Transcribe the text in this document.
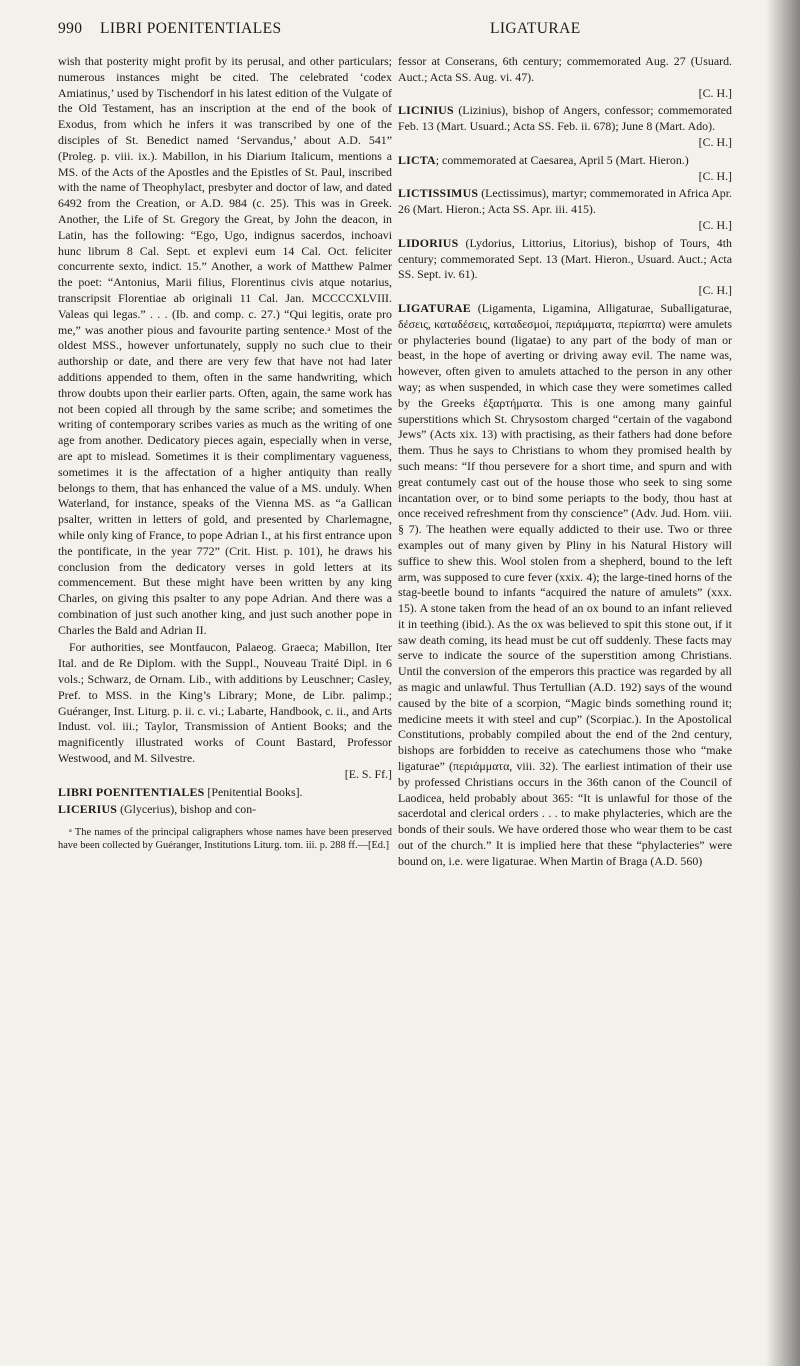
990 LIBRI POENITENTIALES	LIGATURAE

wish that posterity might profit by its perusal, and other particulars; numerous instances might be cited. The celebrated ‘codex Amiatinus,’ used by Tischendorf in his latest edition of the Vulgate of the Old Testament, has an inscription at the end of the book of Exodus, from which he infers it was transcribed by one of the disciples of St. Benedict named ‘Servandus,’ about A.D. 541” (Proleg. p. viii. ix.). Mabillon, in his Diarium Italicum, mentions a MS. of the Acts of the Apostles and the Epistles of St. Paul, inscribed with the name of Theophylact, presbyter and doctor of law, and dated 6492 from the Creation, or A.D. 984 (c. 25). This was in Greek. Another, the Life of St. Gregory the Great, by John the deacon, in Latin, has the following: “Ego, Ugo, indignus sacerdos, inchoavi hunc librum 8 Cal. Sept. et explevi eum 14 Cal. Oct. feliciter concurrente sexto, indict. 15.” Another, a work of Matthew Palmer the poet: “Antonius, Marii filius, Florentinus civis atque notarius, transcripsit Florentiae ab originali 11 Cal. Jan. MCCCCXLVIII. Valeas qui legas.” . . . (Ib. and comp. c. 27.) “Qui legitis, orate pro me,” was another pious and favourite parting sentence.ᵃ Most of the oldest MSS., however unfortunately, supply no such clue to their authorship or date, and there are very few that have not had later additions appended to them, often in the same handwriting, which throw doubts upon their earlier parts. Often, again, the same work has not been copied all through by the same scribe; and sometimes the writing of contemporary scribes varies as much as the writing of one age from another. Dedicatory pieces again, especially when in verse, are apt to mislead. Sometimes it is their complimentary vagueness, sometimes it is the affectation of a higher antiquity than really belongs to them, that has enhanced the value of a MS. unduly. When Waterland, for instance, speaks of the Vienna MS. as “a Gallican psalter, written in letters of gold, and presented by Charlemagne, while only king of France, to pope Adrian I., at his first entrance upon the pontificate, in the year 772” (Crit. Hist. p. 101), he draws his conclusion from the dedicatory verses in gold letters at its commencement. But these might have been written by any king Charles, on giving this psalter to any pope Adrian. And there was a combination of just such another king, and just such another pope in Charles the Bald and Adrian II.

For authorities, see Montfaucon, Palaeog. Graeca; Mabillon, Iter Ital. and de Re Diplom. with the Suppl., Nouveau Traité Dipl. in 6 vols.; Schwarz, de Ornam. Lib., with additions by Leuschner; Casley, Pref. to MSS. in the King’s Library; Mone, de Libr. palimp.; Guéranger, Inst. Liturg. p. ii. c. vi.; Labarte, Handbook, c. ii., and Arts Indust. vol. iii.; Taylor, Transmission of Antient Books; and the magnificently illustrated works of Count Bastard, Professor Westwood, and M. Silvestre.
[E. S. Ff.]

LIBRI POENITENTIALES [Penitential Books].

LICERIUS (Glycerius), bishop and con-

ᵃ The names of the principal caligraphers whose names have been preserved have been collected by Guéranger, Institutions Liturg. tom. iii. p. 288 ff.—[Ed.]

fessor at Conserans, 6th century; commemorated Aug. 27 (Usuard. Auct.; Acta SS. Aug. vi. 47).
[C. H.]

LICINIUS (Lizinius), bishop of Angers, confessor; commemorated Feb. 13 (Mart. Usuard.; Acta SS. Feb. ii. 678); June 8 (Mart. Ado).
[C. H.]

LICTA; commemorated at Caesarea, April 5 (Mart. Hieron.)
[C. H.]

LICTISSIMUS (Lectissimus), martyr; commemorated in Africa Apr. 26 (Mart. Hieron.; Acta SS. Apr. iii. 415).
[C. H.]

LIDORIUS (Lydorius, Littorius, Litorius), bishop of Tours, 4th century; commemorated Sept. 13 (Mart. Hieron., Usuard. Auct.; Acta SS. Sept. iv. 61).
[C. H.]

LIGATURAE (Ligamenta, Ligamina, Alligaturae, Suballigaturae, δέσεις, καταδέσεις, καταδεσμοί, περιάμματα, περίαπτα) were amulets or phylacteries bound (ligatae) to any part of the body of man or beast, in the hope of averting or driving away evil. The name was, however, often given to amulets attached to the person in any other way; as when suspended, in which case they were sometimes called by the Greeks ἐξαρτήματα. This is one among many gainful superstitions which St. Chrysostom charged “certain of the vagabond Jews” (Acts xix. 13) with practising, as their fathers had done before them. Thus he says to Christians to whom they promised health by such means: “If thou persevere for a short time, and spurn and with great contumely cast out of the house those who seek to sing some incantation over, or to bind some periapts to the body, thou hast at once received refreshment from thy conscience” (Adv. Jud. Hom. viii. § 7). The heathen were equally addicted to their use. Two or three examples out of many given by Pliny in his Natural History will suffice to shew this. Wool stolen from a shepherd, bound to the left arm, was supposed to cure fever (xxix. 4); the large-tined horns of the stag-beetle bound to infants “acquired the nature of amulets” (xxx. 15). A stone taken from the head of an ox bound to an infant relieved it in teething (ibid.). As the ox was believed to spit this stone out, if it saw death coming, its head must be cut off suddenly. These facts may serve to indicate the source of the superstition among Christians. Until the conversion of the emperors this practice was regarded by all as magic and unlawful. Thus Tertullian (A.D. 192) says of the wound caused by the bite of a scorpion, “Magic binds something round it; medicine meets it with steel and cup” (Scorpiac.). In the Apostolical Constitutions, probably compiled about the end of the 2nd century, bishops are forbidden to receive as catechumens those who “make ligaturae” (περιάμματα, viii. 32). The earliest intimation of their use by professed Christians occurs in the 36th canon of the Council of Laodicea, held probably about 365: “It is unlawful for those of the sacerdotal and clerical orders . . . to make phylacteries, which are the bonds of their souls. We have ordered those who wear them to be cast out of the church.” It is implied here that these “phylacteries” were bound on, i.e. were ligaturae. When Martin of Braga (A.D. 560)
